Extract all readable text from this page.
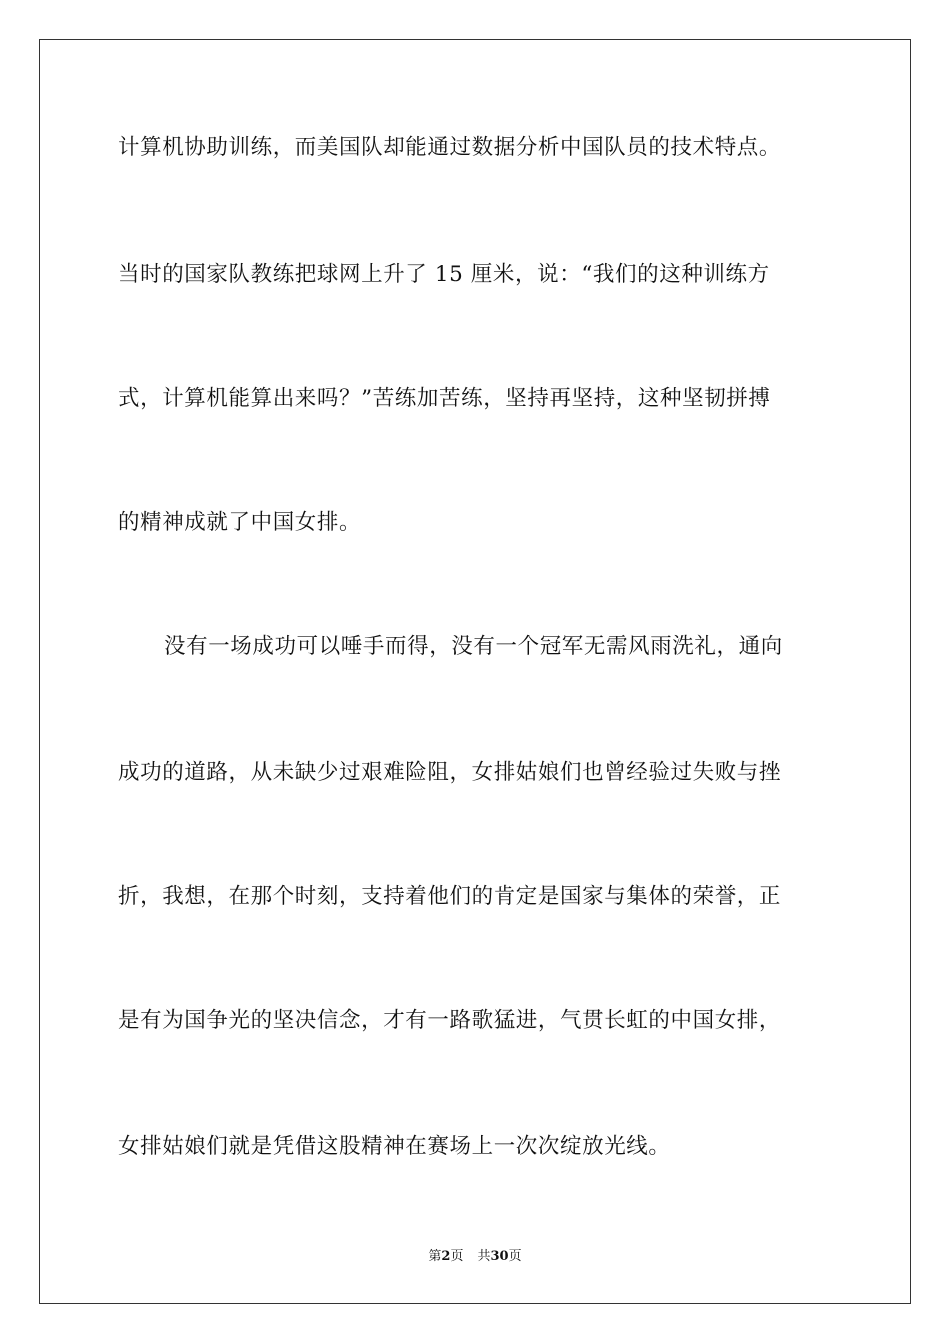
计算机协助训练，而美国队却能通过数据分析中国队员的技术特点。
当时的国家队教练把球网上升了 15 厘米，说：“我们的这种训练方
式，计算机能算出来吗？”苦练加苦练，坚持再坚持，这种坚韧拼搏
的精神成就了中国女排。
没有一场成功可以唾手而得，没有一个冠军无需风雨洗礼，通向
成功的道路，从未缺少过艰难险阻，女排姑娘们也曾经验过失败与挫
折，我想，在那个时刻，支持着他们的肯定是国家与集体的荣誉，正
是有为国争光的坚决信念，才有一路歌猛进，气贯长虹的中国女排，
女排姑娘们就是凭借这股精神在赛场上一次次绽放光线。
第2页 共30页
